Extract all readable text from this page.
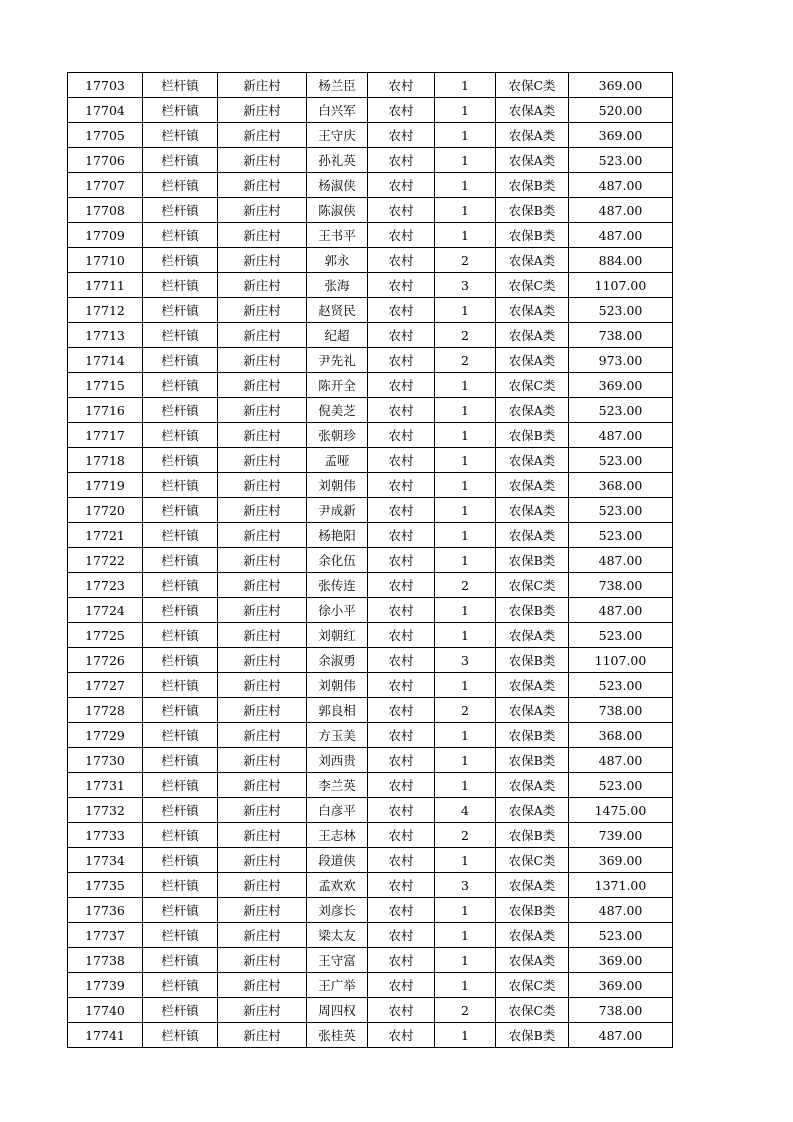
17703	栏杆镇	新庄村	杨兰臣	农村	1	农保C类	369.00
17704	栏杆镇	新庄村	白兴军	农村	1	农保A类	520.00
17705	栏杆镇	新庄村	王守庆	农村	1	农保A类	369.00
17706	栏杆镇	新庄村	孙礼英	农村	1	农保A类	523.00
17707	栏杆镇	新庄村	杨淑侠	农村	1	农保B类	487.00
17708	栏杆镇	新庄村	陈淑侠	农村	1	农保B类	487.00
17709	栏杆镇	新庄村	王书平	农村	1	农保B类	487.00
17710	栏杆镇	新庄村	郭永	农村	2	农保A类	884.00
17711	栏杆镇	新庄村	张海	农村	3	农保C类	1107.00
17712	栏杆镇	新庄村	赵贤民	农村	1	农保A类	523.00
17713	栏杆镇	新庄村	纪超	农村	2	农保A类	738.00
17714	栏杆镇	新庄村	尹先礼	农村	2	农保A类	973.00
17715	栏杆镇	新庄村	陈开全	农村	1	农保C类	369.00
17716	栏杆镇	新庄村	倪美芝	农村	1	农保A类	523.00
17717	栏杆镇	新庄村	张朝珍	农村	1	农保B类	487.00
17718	栏杆镇	新庄村	孟哑	农村	1	农保A类	523.00
17719	栏杆镇	新庄村	刘朝伟	农村	1	农保A类	368.00
17720	栏杆镇	新庄村	尹成新	农村	1	农保A类	523.00
17721	栏杆镇	新庄村	杨艳阳	农村	1	农保A类	523.00
17722	栏杆镇	新庄村	余化伍	农村	1	农保B类	487.00
17723	栏杆镇	新庄村	张传连	农村	2	农保C类	738.00
17724	栏杆镇	新庄村	徐小平	农村	1	农保B类	487.00
17725	栏杆镇	新庄村	刘朝红	农村	1	农保A类	523.00
17726	栏杆镇	新庄村	余淑勇	农村	3	农保B类	1107.00
17727	栏杆镇	新庄村	刘朝伟	农村	1	农保A类	523.00
17728	栏杆镇	新庄村	郭良相	农村	2	农保A类	738.00
17729	栏杆镇	新庄村	方玉美	农村	1	农保B类	368.00
17730	栏杆镇	新庄村	刘西贵	农村	1	农保B类	487.00
17731	栏杆镇	新庄村	李兰英	农村	1	农保A类	523.00
17732	栏杆镇	新庄村	白彦平	农村	4	农保A类	1475.00
17733	栏杆镇	新庄村	王志林	农村	2	农保B类	739.00
17734	栏杆镇	新庄村	段道侠	农村	1	农保C类	369.00
17735	栏杆镇	新庄村	孟欢欢	农村	3	农保A类	1371.00
17736	栏杆镇	新庄村	刘彦长	农村	1	农保B类	487.00
17737	栏杆镇	新庄村	梁太友	农村	1	农保A类	523.00
17738	栏杆镇	新庄村	王守富	农村	1	农保A类	369.00
17739	栏杆镇	新庄村	王广举	农村	1	农保C类	369.00
17740	栏杆镇	新庄村	周四权	农村	2	农保C类	738.00
17741	栏杆镇	新庄村	张桂英	农村	1	农保B类	487.00
